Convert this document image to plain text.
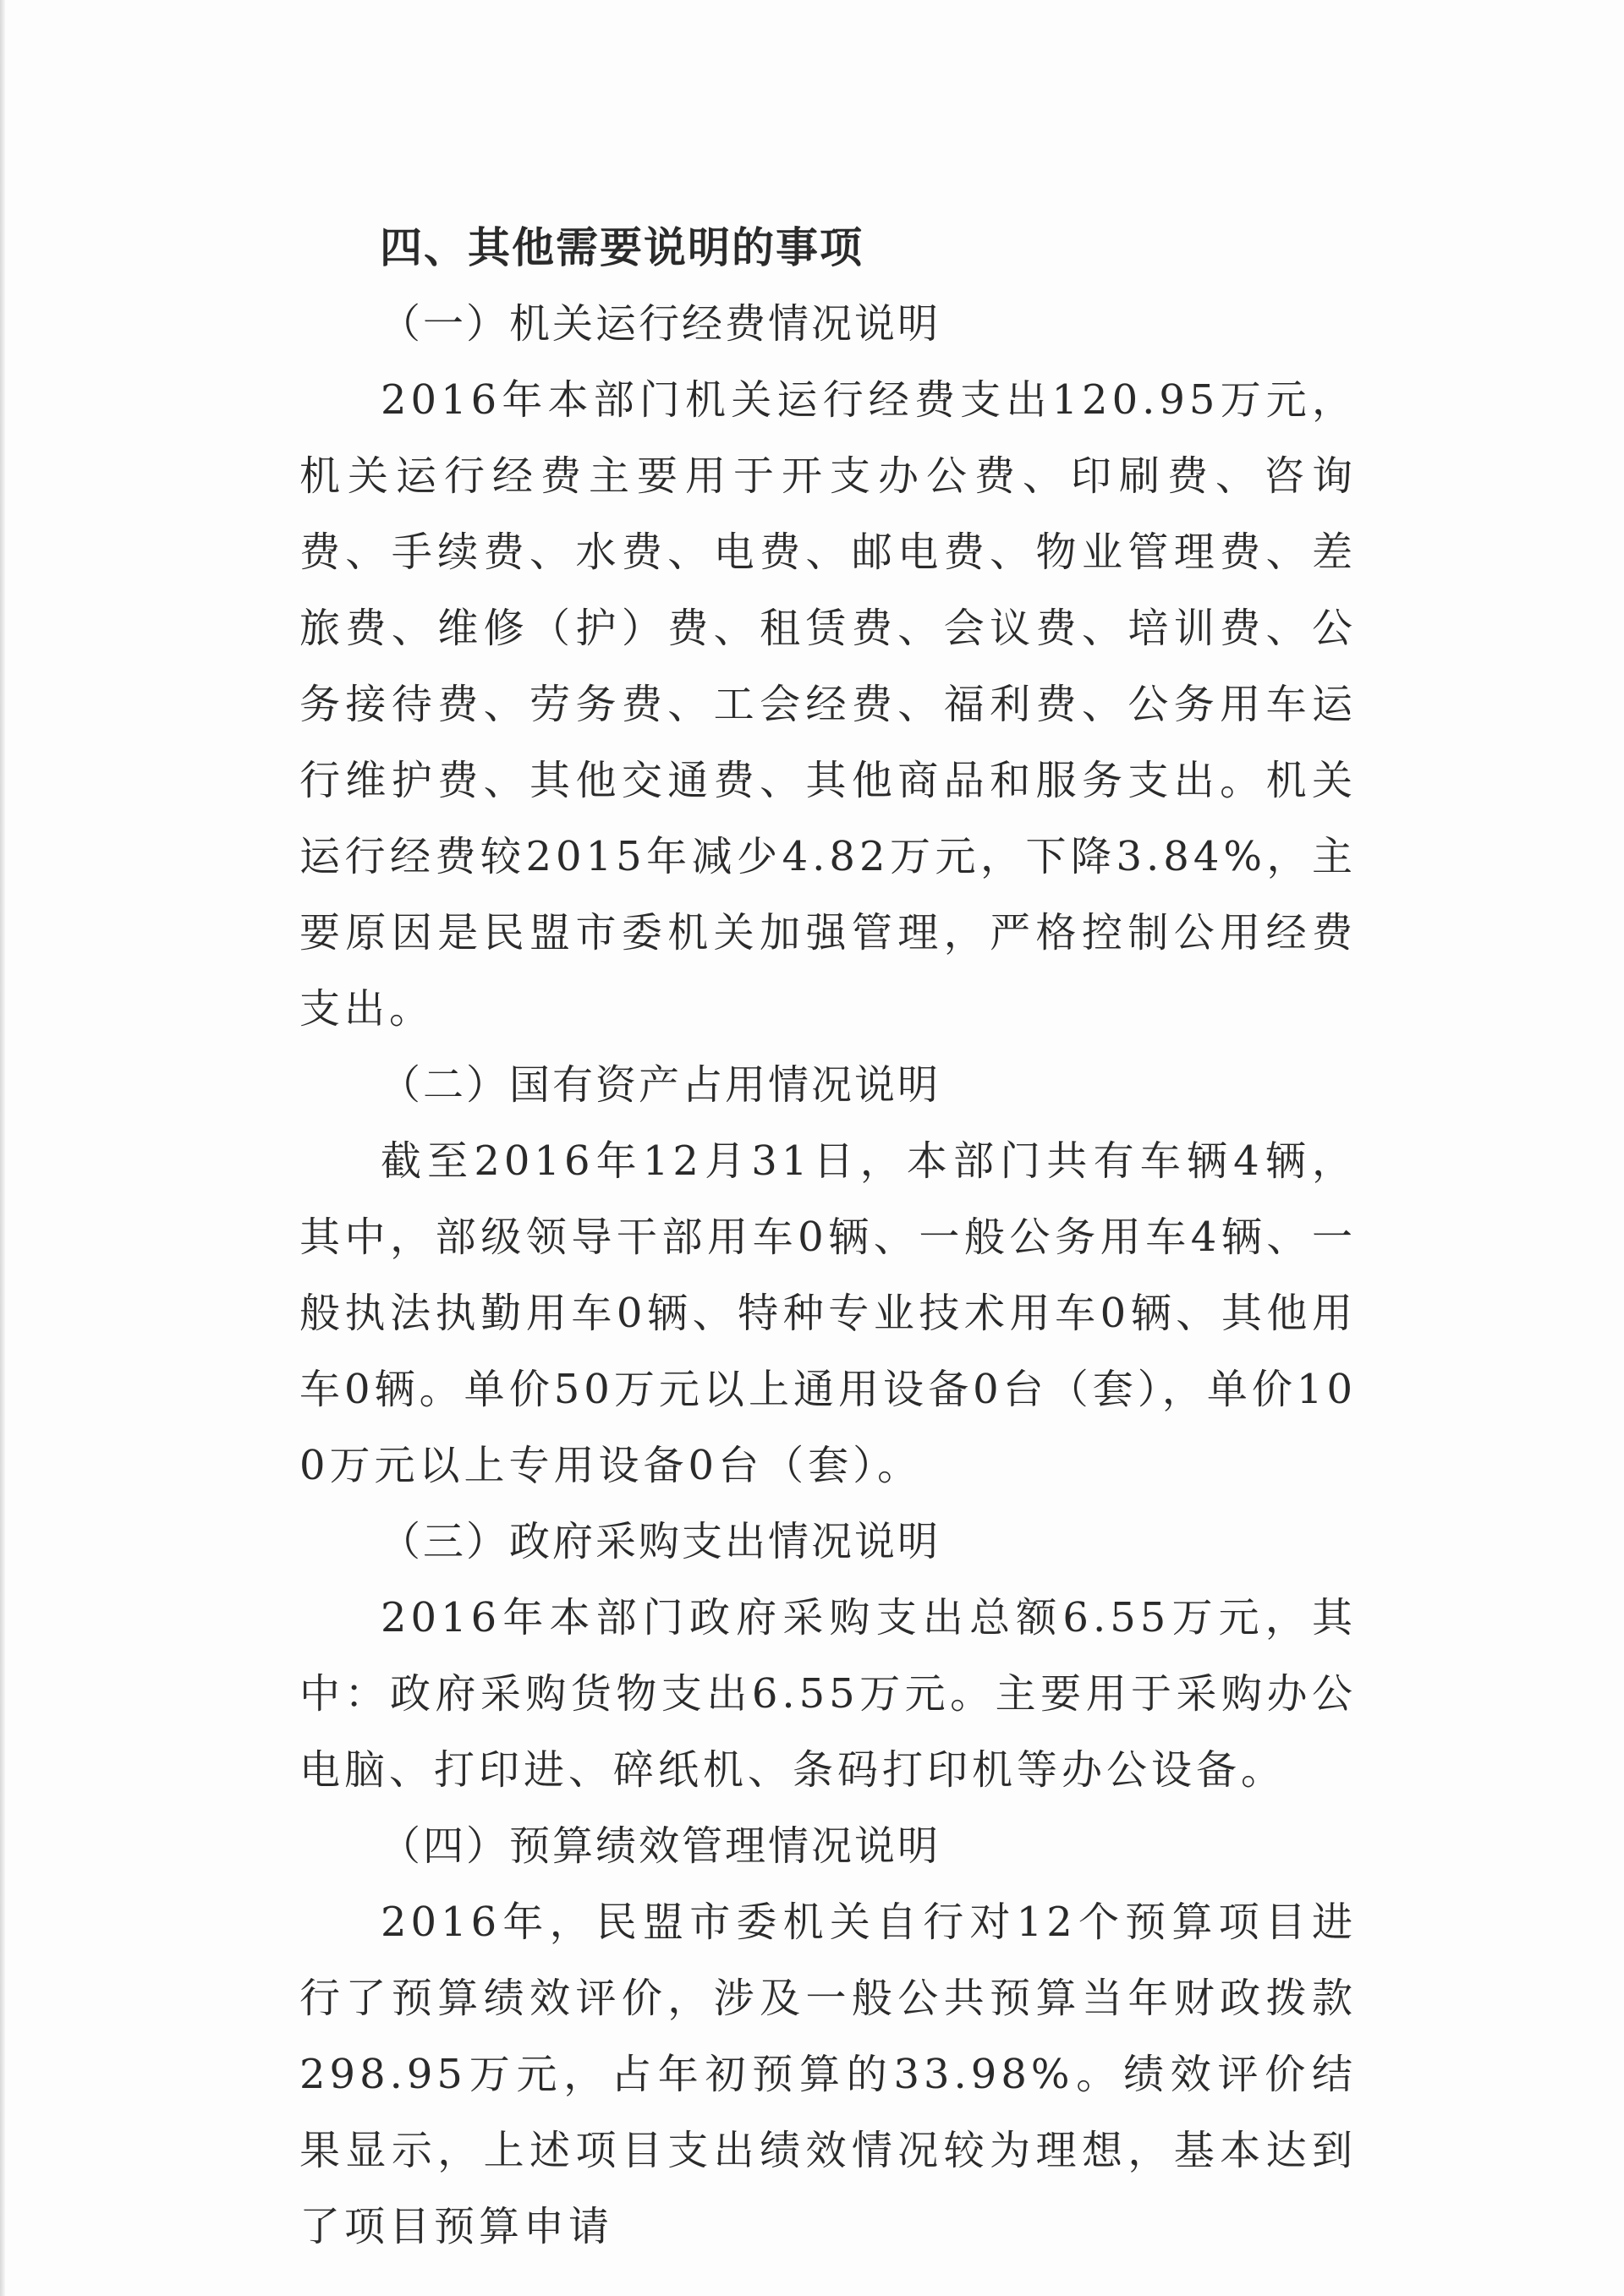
四、其他需要说明的事项

（一）机关运行经费情况说明

2016年本部门机关运行经费支出120.95万元，机关运行经费主要用于开支办公费、印刷费、咨询费、手续费、水费、电费、邮电费、物业管理费、差旅费、维修（护）费、租赁费、会议费、培训费、公务接待费、劳务费、工会经费、福利费、公务用车运行维护费、其他交通费、其他商品和服务支出。机关运行经费较2015年减少4.82万元，下降3.84%，主要原因是民盟市委机关加强管理，严格控制公用经费支出。

（二）国有资产占用情况说明

截至2016年12月31日，本部门共有车辆4辆，其中，部级领导干部用车0辆、一般公务用车4辆、一般执法执勤用车0辆、特种专业技术用车0辆、其他用车0辆。单价50万元以上通用设备0台（套），单价100万元以上专用设备0台（套）。

（三）政府采购支出情况说明

2016年本部门政府采购支出总额6.55万元，其中：政府采购货物支出6.55万元。主要用于采购办公电脑、打印进、碎纸机、条码打印机等办公设备。

（四）预算绩效管理情况说明

2016年，民盟市委机关自行对12个预算项目进行了预算绩效评价，涉及一般公共预算当年财政拨款298.95万元，占年初预算的33.98%。绩效评价结果显示，上述项目支出绩效情况较为理想，基本达到了项目预算申请
